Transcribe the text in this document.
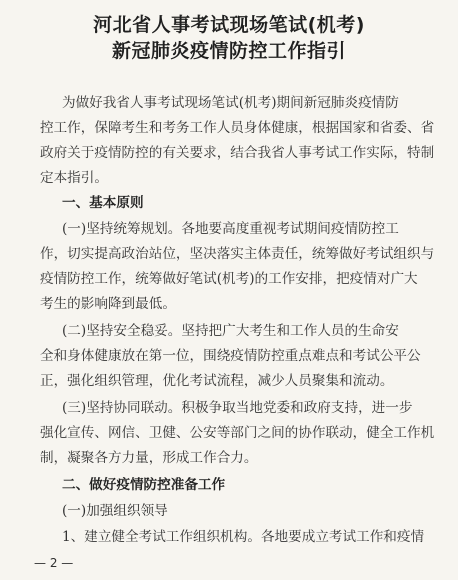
河北省人事考试现场笔试(机考)
新冠肺炎疫情防控工作指引
为做好我省人事考试现场笔试(机考)期间新冠肺炎疫情防
控工作，保障考生和考务工作人员身体健康，根据国家和省委、省
政府关于疫情防控的有关要求，结合我省人事考试工作实际，特制
定本指引。
一、基本原则
(一)坚持统筹规划。各地要高度重视考试期间疫情防控工
作，切实提高政治站位，坚决落实主体责任，统筹做好考试组织与
疫情防控工作，统筹做好笔试(机考)的工作安排，把疫情对广大
考生的影响降到最低。
(二)坚持安全稳妥。坚持把广大考生和工作人员的生命安
全和身体健康放在第一位，围绕疫情防控重点难点和考试公平公
正，强化组织管理，优化考试流程，减少人员聚集和流动。
(三)坚持协同联动。积极争取当地党委和政府支持，进一步
强化宣传、网信、卫健、公安等部门之间的协作联动，健全工作机
制，凝聚各方力量，形成工作合力。
二、做好疫情防控准备工作
(一)加强组织领导
1、建立健全考试工作组织机构。各地要成立考试工作和疫情
— 2 —
